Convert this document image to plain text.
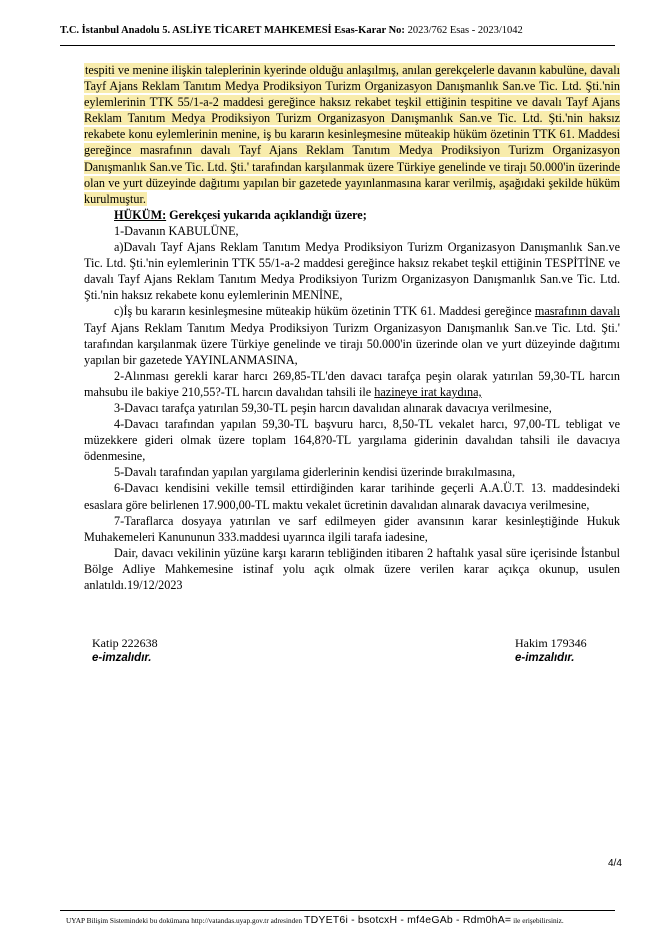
T.C. İstanbul Anadolu 5. ASLİYE TİCARET MAHKEMESİ Esas-Karar No: 2023/762 Esas - 2023/1042

tespiti ve menine ilişkin taleplerinin kyerinde olduğu anlaşılmış, anılan gerekçelerle davanın kabulüne, davalı Tayf Ajans Reklam Tanıtım Medya Prodiksiyon Turizm Organizasyon Danışmanlık San.ve Tic. Ltd. Şti.'nin eylemlerinin TTK 55/1-a-2 maddesi gereğince haksız rekabet teşkil ettiğinin tespitine ve davalı Tayf Ajans Reklam Tanıtım Medya Prodiksiyon Turizm Organizasyon Danışmanlık San.ve Tic. Ltd. Şti.'nin haksız rekabete konu eylemlerinin menine, iş bu kararın kesinleşmesine müteakip hüküm özetinin TTK 61. Maddesi gereğince masrafının davalı Tayf Ajans Reklam Tanıtım Medya Prodiksiyon Turizm Organizasyon Danışmanlık San.ve Tic. Ltd. Şti.' tarafından karşılanmak üzere Türkiye genelinde ve tirajı 50.000'in üzerinde olan ve yurt düzeyinde dağıtımı yapılan bir gazetede yayınlanmasına karar verilmiş, aşağıdaki şekilde hüküm kurulmuştur.

HÜKÜM: Gerekçesi yukarıda açıklandığı üzere;

1-Davanın KABULÜNE,

a)Davalı Tayf Ajans Reklam Tanıtım Medya Prodiksiyon Turizm Organizasyon Danışmanlık San.ve Tic. Ltd. Şti.'nin eylemlerinin TTK 55/1-a-2 maddesi gereğince haksız rekabet teşkil ettiğinin TESPİTİNE ve davalı Tayf Ajans Reklam Tanıtım Medya Prodiksiyon Turizm Organizasyon Danışmanlık San.ve Tic. Ltd. Şti.'nin haksız rekabete konu eylemlerinin MENİNE,

c)İş bu kararın kesinleşmesine müteakip hüküm özetinin TTK 61. Maddesi gereğince masrafının davalı Tayf Ajans Reklam Tanıtım Medya Prodiksiyon Turizm Organizasyon Danışmanlık San.ve Tic. Ltd. Şti.' tarafından karşılanmak üzere Türkiye genelinde ve tirajı 50.000'in üzerinde olan ve yurt düzeyinde dağıtımı yapılan bir gazetede YAYINLANMASINA,

2-Alınması gerekli karar harcı 269,85-TL'den davacı tarafça peşin olarak yatırılan 59,30-TL harcın mahsubu ile bakiye 210,55?-TL harcın davalıdan tahsili ile hazineye irat kaydına,

3-Davacı tarafça yatırılan 59,30-TL peşin harcın davalıdan alınarak davacıya verilmesine,

4-Davacı tarafından yapılan 59,30-TL başvuru harcı, 8,50-TL vekalet harcı, 97,00-TL tebligat ve müzekkere gideri olmak üzere toplam 164,8?0-TL yargılama giderinin davalıdan tahsili ile davacıya ödenmesine,

5-Davalı tarafından yapılan yargılama giderlerinin kendisi üzerinde bırakılmasına,

6-Davacı kendisini vekille temsil ettirdiğinden karar tarihinde geçerli A.A.Ü.T. 13. maddesindeki esaslara göre belirlenen 17.900,00-TL maktu vekalet ücretinin davalıdan alınarak davacıya verilmesine,

7-Taraflarca dosyaya yatırılan ve sarf edilmeyen gider avansının karar kesinleştiğinde Hukuk Muhakemeleri Kanununun 333.maddesi uyarınca ilgili tarafa iadesine,

Dair, davacı vekilinin yüzüne karşı kararın tebliğinden itibaren 2 haftalık yasal süre içerisinde İstanbul Bölge Adliye Mahkemesine istinaf yolu açık olmak üzere verilen karar açıkça okunup, usulen anlatıldı.19/12/2023

Katip 222638
e-imzalıdır.
Hakim 179346
e-imzalıdır.
4/4
UYAP Bilişim Sistemindeki bu dokümana http://vatandas.uyap.gov.tr adresinden TDYET6i - bsotcxH - mf4eGAb - Rdm0hA= ile erişebilirsiniz.
